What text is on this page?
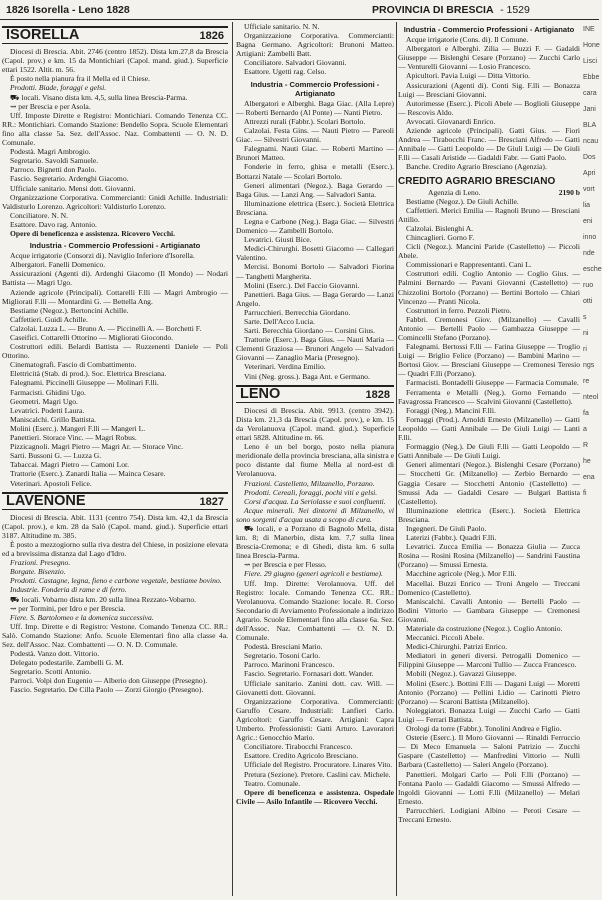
1826 Isorella - Leno 1828	PROVINCIA DI BRESCIA - 1529
ISORELLA	1826

Diocesi di Brescia. Abit. 2746 (centro 1852). Dista km.27,8 da Brescia (Capol. prov.) e km. 15 da Montichiari (Capol. mand. giud.). Superficie ettari 1522. Altit. m. 56.

È posto nella pianura fra il Mella ed il Chiese.

Prodotti. Biade, foraggi e gelsi.

⛟ locali. Visano dista km. 4,5, sulla linea Brescia-Parma.

⇝ per Brescia e per Asola.

Uff. Imposte Dirette e Registro: Montichiari. Comando Tenenza CC. RR.: Montichiari. Comando Stazione: Bendello Sopra. Scuole Elementari fino alla classe 5a. Sez. dell'Assoc. Naz. Combattenti — O. N. D. Comunale.

Podestà. Magri Ambrogio.

Segretario. Savoldi Samuele.

Parroco. Bignetti don Paolo.

Fascio. Segretario. Ardenghi Giacomo.

Ufficiale sanitario. Mensi dott. Giovanni.

Organizzazione Corporativa. Commercianti: Gnidi Achille. Industriali: Valdisturlo Lorenzo. Agricoltori: Valdisturlo Lorenzo.

Conciliatore. N. N.

Esattore. Davo rag. Antonio.

Opere di beneficenza e assistenza. Ricovero Vecchi.

Industria - Commercio Professioni - Artigianato

Acque irrigatorie (Consorzi di). Naviglio Inferiore d'Isorella.

Albergatori. Fanelli Domenico.

Assicurazioni (Agenti di). Ardenghi Giacomo (Il Mondo) — Nodari Battista — Magri Ugo.

Aziende agricole (Principali). Cottarelli F.lli — Magri Ambrogio — Migliorati F.lli — Montardini G. — Bettella Ang.

Bestiame (Negoz.). Bertoncini Achille.

Caffettieri. Guidi Achille.

Calzolai. Luzza L. — Bruno A. — Piccinelli A. — Borchetti F.

Caseifici. Cottarelli Ottorino — Migliorati Giocondo.

Costruttori edili. Belardi Battista — Ruzzenenti Daniele — Poli Ottorino.

Cinematografi. Fascio di Combattimento.

Elettricità (Stab. di prod.). Soc. Elettrica Bresciana.

Falegnami. Piccinelli Giuseppe — Molinari F.lli.

Farmacisti. Ghidini Ugo.

Geometri. Magri Ugo.

Levatrici. Podetti Laura.

Maniscalchi. Grillo Battista.

Molini (Eserc.). Mangeri F.lli — Mangeri L.

Panettieri. Storace Vinc. — Magri Robus.

Pizzicagnoli. Magri Pietro — Magri Ar. — Storace Vinc.

Sarti. Bussoni G. — Luzza G.

Tabaccai. Magri Pietro — Camoni Lor.

Trattorie (Eserc.). Zanardi Italia — Mainca Cesare.

Veterinari. Apostoli Felice.

LAVENONE	1827

Diocesi di Brescia. Abit. 1131 (centro 754). Dista km. 42,1 da Brescia (Capol. prov.), e km. 28 da Salò (Capol. mand. giud.). Superficie ettari 3187. Altitudine m. 385.

È posto a mezzogiorno sulla riva destra del Chiese, in posizione elevata ed a brevissima distanza dal Lago d'Idro.

Frazioni. Presegno.

Borgate. Bisenzio.

Prodotti. Castagne, legna, fieno e carbone vegetale, bestiame bovino.

Industrie. Fonderia di rame e di ferro.

⛟ locali. Vobarno dista km. 20 sulla linea Rezzato-Vobarno.

⇝ per Tormini, per Idro e per Brescia.

Fiere. S. Bartolomeo e la domenica successiva.

Uff. Imp. Dirette e di Registro: Vestone. Comando Tenenza CC. RR.: Salò. Comando Stazione: Anfo. Scuole Elementari fino alla classe 4a. Sez. dell'Assoc. Naz. Combattenti — O. N. D. Comunale.

Podestà. Vanzo dott. Vittorio.

Delegato podestarile. Zambelli G. M.

Segretario. Scotti Antonio.

Parroci. Volpi don Eugenio — Alberio don Giuseppe (Presegno).

Fascio. Segretario. De Cilla Paolo — Zorzi Giorgio (Presegno).

Ufficiale sanitario. N. N.

Organizzazione Corporativa. Commercianti: Bagna Germano. Agricoltori: Brunoni Matteo. Artigiani: Zambelli Batt.

Conciliatore. Salvadori Giovanni.

Esattore. Ugetti rag. Celso.

Industria - Commercio Professioni - Artigianato

Albergatori e Alberghi. Baga Giac. (Alla Lepre) — Roberti Bernardo (Al Ponte) — Nanti Pietro.

Attrezzi rurali (Fabbr.). Scolari Bortolo.

Calzolai. Festa Gins. — Nauti Pietro — Pareoli Giac. — Silvestri Giovanni.

Falegnami. Nauti Giac. — Roberti Martino — Brunori Matteo.

Fonderie in ferro, ghisa e metalli (Eserc.). Bottarzi Natale — Scolari Bortolo.

Generi alimentari (Negoz.). Baga Gerardo — Baga Gius. — Lanzi Ang. — Salvadori Santa.

Illuminazione elettrica (Eserc.). Società Elettrica Bresciana.

Legna e Carbone (Neg.). Baga Giac. — Silvestri Domenico — Zambelli Bortolo.

Levatrici. Giusti Bice.

Medici-Chirurghi. Bosetti Giacomo — Callegari Valentino.

Mercisi. Bonomi Bortolo — Salvadori Fiorina — Tanghetti Margherita.

Molini (Eserc.). Del Faccio Giovanni.

Panettieri. Baga Gius. — Baga Gerardo — Lanzi Angelo.

Parrucchieri. Berrecchia Giordano.

Sarte. Dell'Acco Lucia.

Sarti. Berecchia Giordano — Corsini Gius.

Trattorie (Eserc.). Baga Gius. — Nauti Maria — Clementi Graziosa — Brunori Angelo — Salvadori Giovanni — Zanaglio Maria (Presegno).

Veterinari. Verdina Emilio.

Vini (Neg. gross.). Baga Ant. e Germano.

LENO	1828

Diocesi di Brescia. Abit. 9913. (centro 3942). Dista km. 21,3 da Brescia (Capol. prov.), e km. 15 da Verolanuova (Capol. mand. giud.). Superficie ettari 5828. Altitudine m. 66.

Leno è un bel borgo, posto nella pianura meridionale della provincia bresciana, alla sinistra e poco distante dal fiume Mella al nord-est di Verolanuova.

Frazioni. Castelletto, Milzanello, Porzano.

Prodotti. Cereali, foraggi, pochi viti e gelsi.

Corsi d'acqua. La Seriolasse e suoi confluenti.

Acque minerali. Nei dintorni di Milzanello, vi sono sorgenti d'acqua usata a scopo di cura.

⛟ locali, e a Porzano di Bagnolo Mella, dista km. 8; di Manerbio, dista km. 7,7 sulla linea Brescia-Cremona; e di Ghedi, dista km. 6 sulla linea Brescia-Parma.

⇝ per Brescia e per Flesso.

Fiere. 29 giugno (generi agricoli e bestiame).

Uff. Imp. Dirette: Verolanuova. Uff. del Registro: locale. Comando Tenenza CC. RR.: Verolanuova. Comando Stazione: locale. R. Corso Secondario di Avviamento Professionale a indirizzo Agrario. Scuole Elementari fino alla classe 6a. Sez. dell'Assoc. Naz. Combattenti — O. N. D. Comunale.

Podestà. Bresciani Mario.

Segretario. Tosoni Carlo.

Parroco. Marinoni Francesco.

Fascio. Segretario. Fornasari dott. Wander.

Ufficiale sanitario. Zanini dott. cav. Will. — Giovanetti dott. Giovanni.

Organizzazione Corporativa. Commercianti: Garuffo Cesare. Industriali: Lanfieri Carlo. Agricoltori: Garuffo Cesare. Artigiani: Capra Umberto. Professionisti: Gatti Arturo. Lavoratori Agric.: Genocchio Mario.

Conciliatore. Tirabocchi Francesco.

Esattore. Credito Agricolo Bresciano.

Ufficiale del Registro. Procuratore. Linares Vito.

Pretura (Sezione). Pretore. Caslini cav. Michele.

Teatro. Comunale.

Opere di beneficenza e assistenza. Ospedale Civile — Asilo Infantile — Ricovero Vecchi.

Industria - Commercio Professioni - Artigianato

Acque irrigatorie (Cons. di). Il Comune.

Albergatori e Alberghi. Zilia — Buzzi F. — Gadaldi Giuseppe — Bislenghi Cesare (Porzano) — Zucchi Carlo — Venturelli Giovanni — Losio Francesco.

Apicultori. Pavia Luigi — Ditta Vittorio.

Assicurazioni (Agenti di). Conti Sig. F.lli — Bonazza Luigi — Bresciani Giovanni.

Autorimesse (Eserc.). Picoli Abele — Boglioli Giuseppe — Rescovis Aldo.

Avvocati. Giovanardi Enrico.

Aziende agricole (Principali). Gatti Gius. — Fiori Andrea — Tirabocchi Franc. — Bresciani Alfredo — Gatti Annibale — Gatti Leopoldo — De Giuli Luigi — De Giuli F.lli — Casali Aristide — Gadaldi Fabr. — Gatti Paolo.

Banche. Credito Agrario Bresciano (Agenzia).

CREDITO AGRARIO BRESCIANO

Agenzia di Leno.	2190 b

Bestiame (Negoz.). De Giuli Achille.

Caffettieri. Merici Emilia — Ragnoli Bruno — Bresciani Attilio.

Calzolai. Bislenghi A.

Chincaglieri. Gorno F.

Cicli (Negoz.). Mancini Paride (Castelletto) — Piccoli Abele.

Commissionari e Rappresentanti. Cani L.

Costruttori edili. Coglio Antonio — Coglio Gius. — Palmini Bernardo — Pavani Giovanni (Castelletto) — Chizzolini Bortolo (Porzano) — Bertini Bortolo — Chiari Vincenzo — Pranti Nicola.

Costruttori in ferro. Pezzoli Pietro.

Fabbri. Cremonesi Giov. (Milzanello) — Cavalli Antonio — Bertelli Paolo — Gambazza Giuseppe — Comincelli Stefano (Porzano).

Falegnami. Bertossi F.lli — Farina Giuseppe — Troglio Luigi — Briglio Felice (Porzano) — Bambini Marino — Bortosi Giov. — Bresciani Giuseppe — Cremonesi Teresio — Quadri F.lli (Porzano).

Farmacisti. Bontadelli Giuseppe — Farmacia Comunale.

Ferramenta e Metalli (Neg.). Gorno Fernando — Favagrossa Francesco — Scalvini Giovanni (Castelletto).

Foraggi (Neg.). Mancini F.lli.

Fornaggi (Prod.). Arnoldi Ernesto (Milzanello) — Gatti Leopoldo — Gatti Annibale — De Giuli Luigi — Lanti F.lli.

Formaggio (Neg.). De Giuli F.lli — Gatti Leopoldo — Gatti Annibale — De Giuli Luigi.

Generi alimentari (Negoz.). Bislenghi Cesare (Porzano) — Stocchetti Gr. (Milzanello) — Zerbio Bernardo — Gaggia Cesare — Stocchetti Antonio (Castelletto) — Smussi Ada — Gadaldi Cesare — Bulgari Battista (Castelletto).

Illuminazione elettrica (Eserc.). Società Elettrica Bresciana.

Ingegneri. De Giuli Paolo.

Laterizi (Fabbr.). Quadri F.lli.

Levatrici. Zucca Emilia — Bonazza Giulia — Zucca Rosina — Rosini Rosina (Milzanello) — Sandrini Faustina (Porzano) — Smussi Ernesta.

Macchine agricole (Neg.). Mor F.lli.

Macellai. Buzzi Enrico — Troni Angelo — Treccani Domenico (Castelletto).

Maniscalchi. Cavalli Antonio — Bertelli Paolo — Bodini Vittorio — Gambara Giuseppe — Cremonesi Giovanni.

Materiale da costruzione (Negoz.). Coglio Antonio.

Meccanici. Piccoli Abele.

Medici-Chirurghi. Patrizi Enrico.

Mediatori in generi diversi. Petrogalli Domenico — Filippini Giuseppe — Marconi Tullio — Zucca Francesco.

Mobili (Negoz.). Gavazzi Giuseppe.

Molini (Eserc.). Bottini F.lli — Dagani Luigi — Moretti Antonio (Porzano) — Pellini Lidio — Carinotti Pietro (Porzano) — Scaroni Battista (Milzanello).

Noleggiatori. Bonazza Luigi — Zucchi Carlo — Gatti Luigi — Ferrari Battista.

Orologi da torre (Fabbr.). Tonolini Andrea e Figlio.

Osterie (Eserc.). Il Moro Giovanni — Rinaldi Ferruccio — Di Meco Emanuela — Saloni Patrizio — Zucchi Gaspare (Castelletto) — Manfredini Vittorio — Nulli Barbara (Castelletto) — Saleri Angelo (Porzano).

Panettieri. Molgari Carlo — Poli F.lli (Porzano) — Fontana Paolo — Gadaldi Giacomo — Smussi Alfredo — Ingoldi Giovanni — Lotti F.lli (Milzanello) — Melari Ernesto.

Parrucchieri. Lodigiani Albino — Peroti Cesare — Treccani Ernesto.

INE
Hone
Lisci
Ebbe
cara
Jani
BLA
ncau
Dos
Apri
vort
lia
eni
inno
nde
esche
ruo
otti
s
ni
ri
ngs
re
nteol
fa
a
R
he
ena
fi
